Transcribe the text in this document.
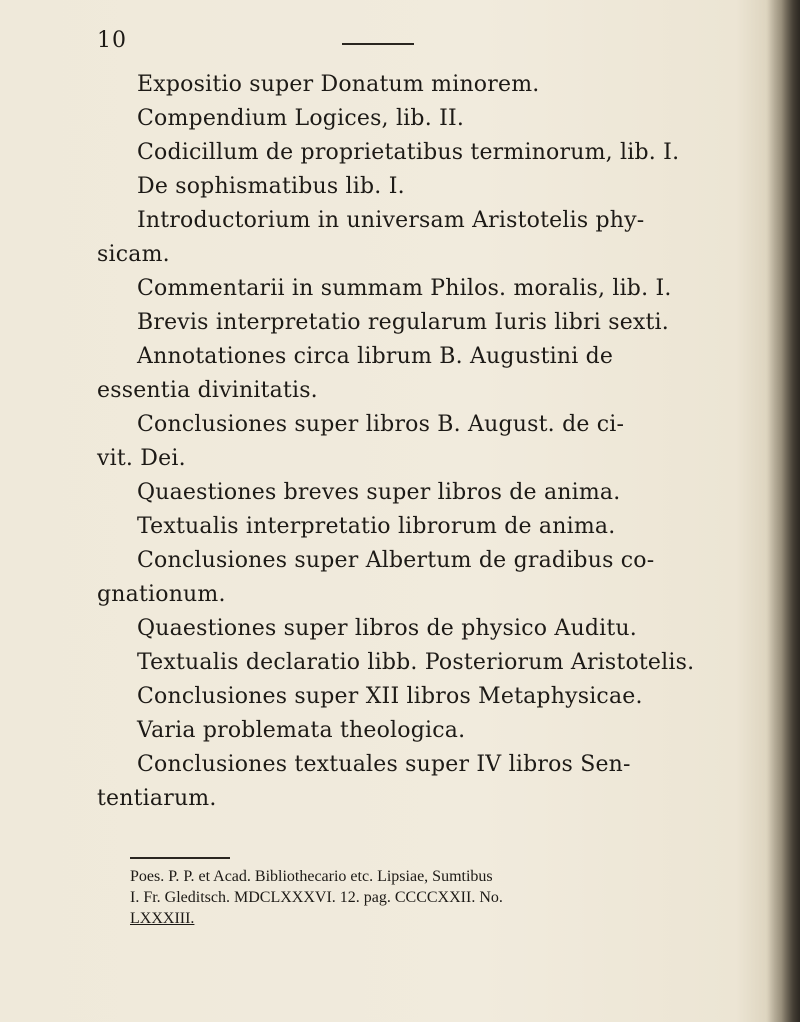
10
Expositio super Donatum minorem.
Compendium Logices, lib. II.
Codicillum de proprietatibus terminorum, lib. I.
De sophismatibus lib. I.
Introductorium in universam Aristotelis phy-
sicam.
Commentarii in summam Philos. moralis, lib. I.
Brevis interpretatio regularum Iuris libri sexti.
Annotationes circa librum B. Augustini de
essentia divinitatis.
Conclusiones super libros B. August. de ci-
vit. Dei.
Quaestiones breves super libros de anima.
Textualis interpretatio librorum de anima.
Conclusiones super Albertum de gradibus co-
gnationum.
Quaestiones super libros de physico Auditu.
Textualis declaratio libb. Posteriorum Aristotelis.
Conclusiones super XII libros Metaphysicae.
Varia problemata theologica.
Conclusiones textuales super IV libros Sen-
tentiarum.
Poes. P. P. et Acad. Bibliothecario etc. Lipsiae, Sumtibus
I. Fr. Gleditsch. MDCLXXXVI. 12. pag. CCCCXXII. No.
LXXXIII.
